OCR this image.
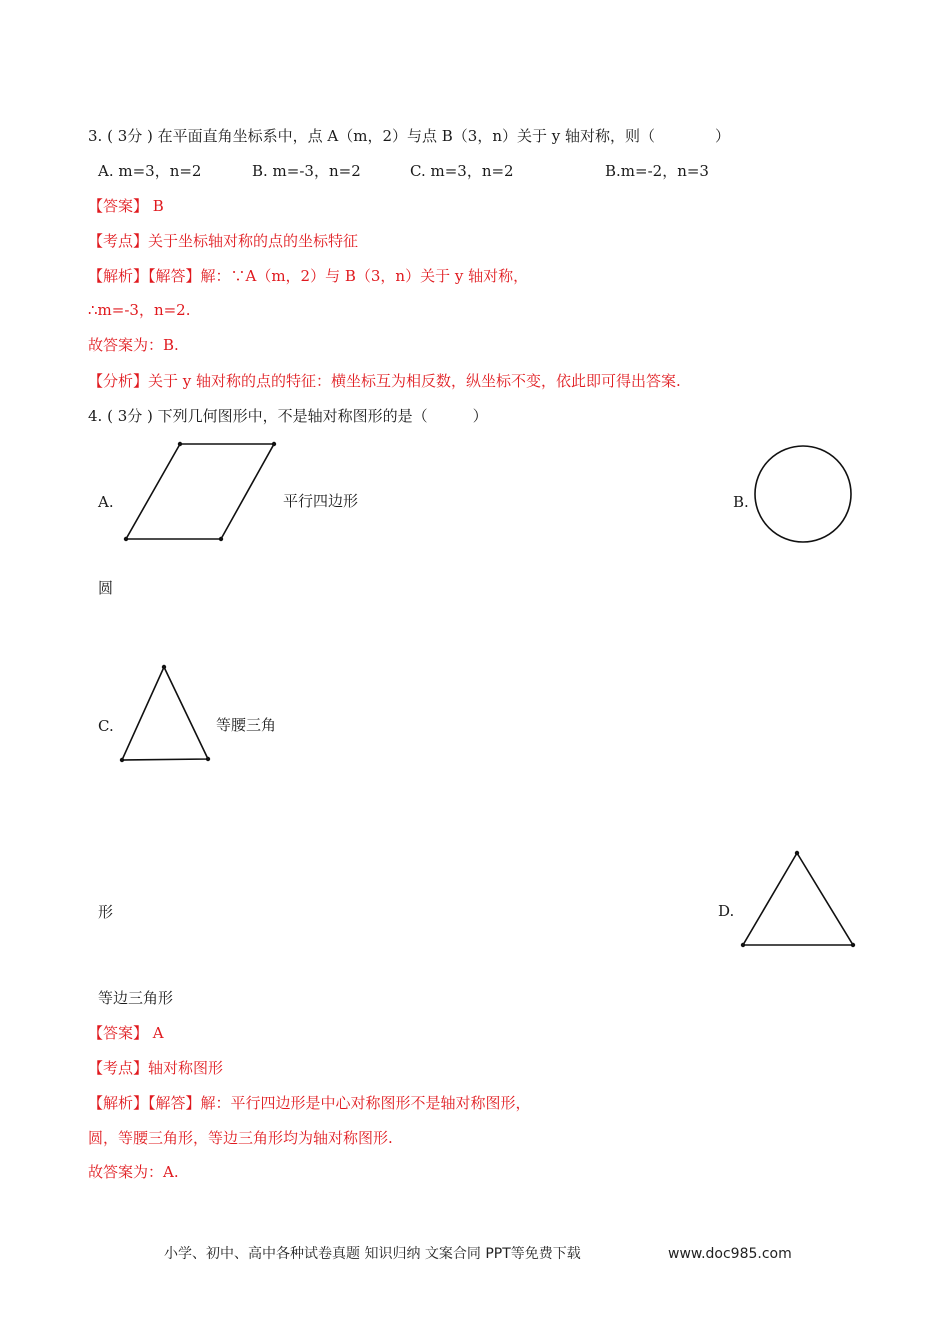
3. ( 3分 ) 在平面直角坐标系中，点 A（m，2）与点 B（3，n）关于 y 轴对称，则（　　　　）
A. m=3，n=2	B. m=-3，n=2	C. m=3，n=2	B.m=-2，n=3
【答案】 B
【考点】关于坐标轴对称的点的坐标特征
【解析】【解答】解：∵A（m，2）与 B（3，n）关于 y 轴对称，
∴m=-3，n=2.
故答案为：B.
【分析】关于 y 轴对称的点的特征：横坐标互为相反数，纵坐标不变，依此即可得出答案.
4. ( 3分 ) 下列几何图形中，不是轴对称图形的是（　　　）
A.	平行四边形	B.
圆
C.	等腰三角
形	D.
等边三角形
【答案】 A
【考点】轴对称图形
【解析】【解答】解：平行四边形是中心对称图形不是轴对称图形，
圆，等腰三角形，等边三角形均为轴对称图形.
故答案为：A.
小学、初中、高中各种试卷真题 知识归纳 文案合同 PPT等免费下载	www.doc985.com
